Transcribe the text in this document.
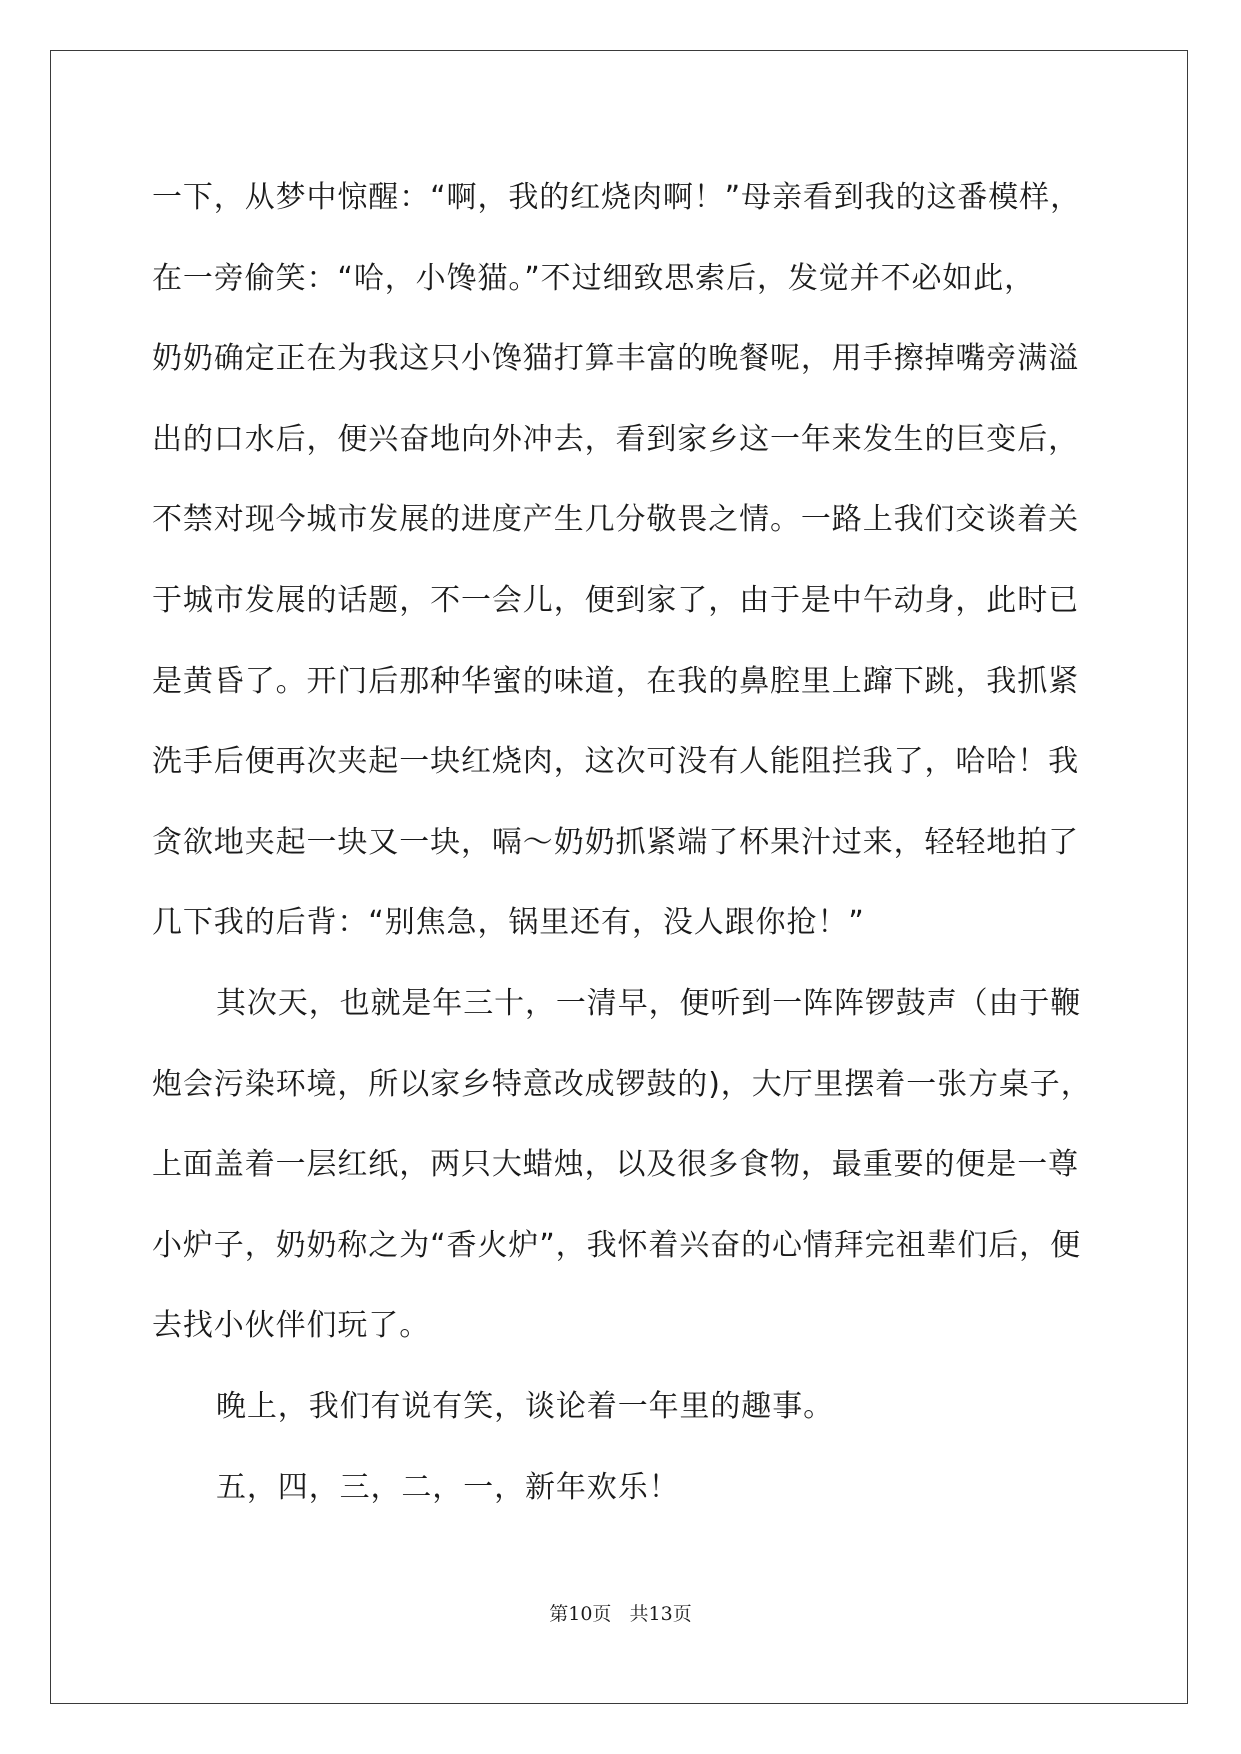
一下，从梦中惊醒：“啊，我的红烧肉啊！”母亲看到我的这番模样，
在一旁偷笑：“哈，小馋猫。”不过细致思索后，发觉并不必如此，
奶奶确定正在为我这只小馋猫打算丰富的晚餐呢，用手擦掉嘴旁满溢
出的口水后，便兴奋地向外冲去，看到家乡这一年来发生的巨变后，
不禁对现今城市发展的进度产生几分敬畏之情。一路上我们交谈着关
于城市发展的话题，不一会儿，便到家了，由于是中午动身，此时已
是黄昏了。开门后那种华蜜的味道，在我的鼻腔里上蹿下跳，我抓紧
洗手后便再次夹起一块红烧肉，这次可没有人能阻拦我了，哈哈！我
贪欲地夹起一块又一块，嗝～奶奶抓紧端了杯果汁过来，轻轻地拍了
几下我的后背：“别焦急，锅里还有，没人跟你抢！”
其次天，也就是年三十，一清早，便听到一阵阵锣鼓声（由于鞭
炮会污染环境，所以家乡特意改成锣鼓的)，大厅里摆着一张方桌子，
上面盖着一层红纸，两只大蜡烛，以及很多食物，最重要的便是一尊
小炉子，奶奶称之为“香火炉”，我怀着兴奋的心情拜完祖辈们后，便
去找小伙伴们玩了。
晚上，我们有说有笑，谈论着一年里的趣事。
五，四，三，二，一，新年欢乐！
第10页   共13页
